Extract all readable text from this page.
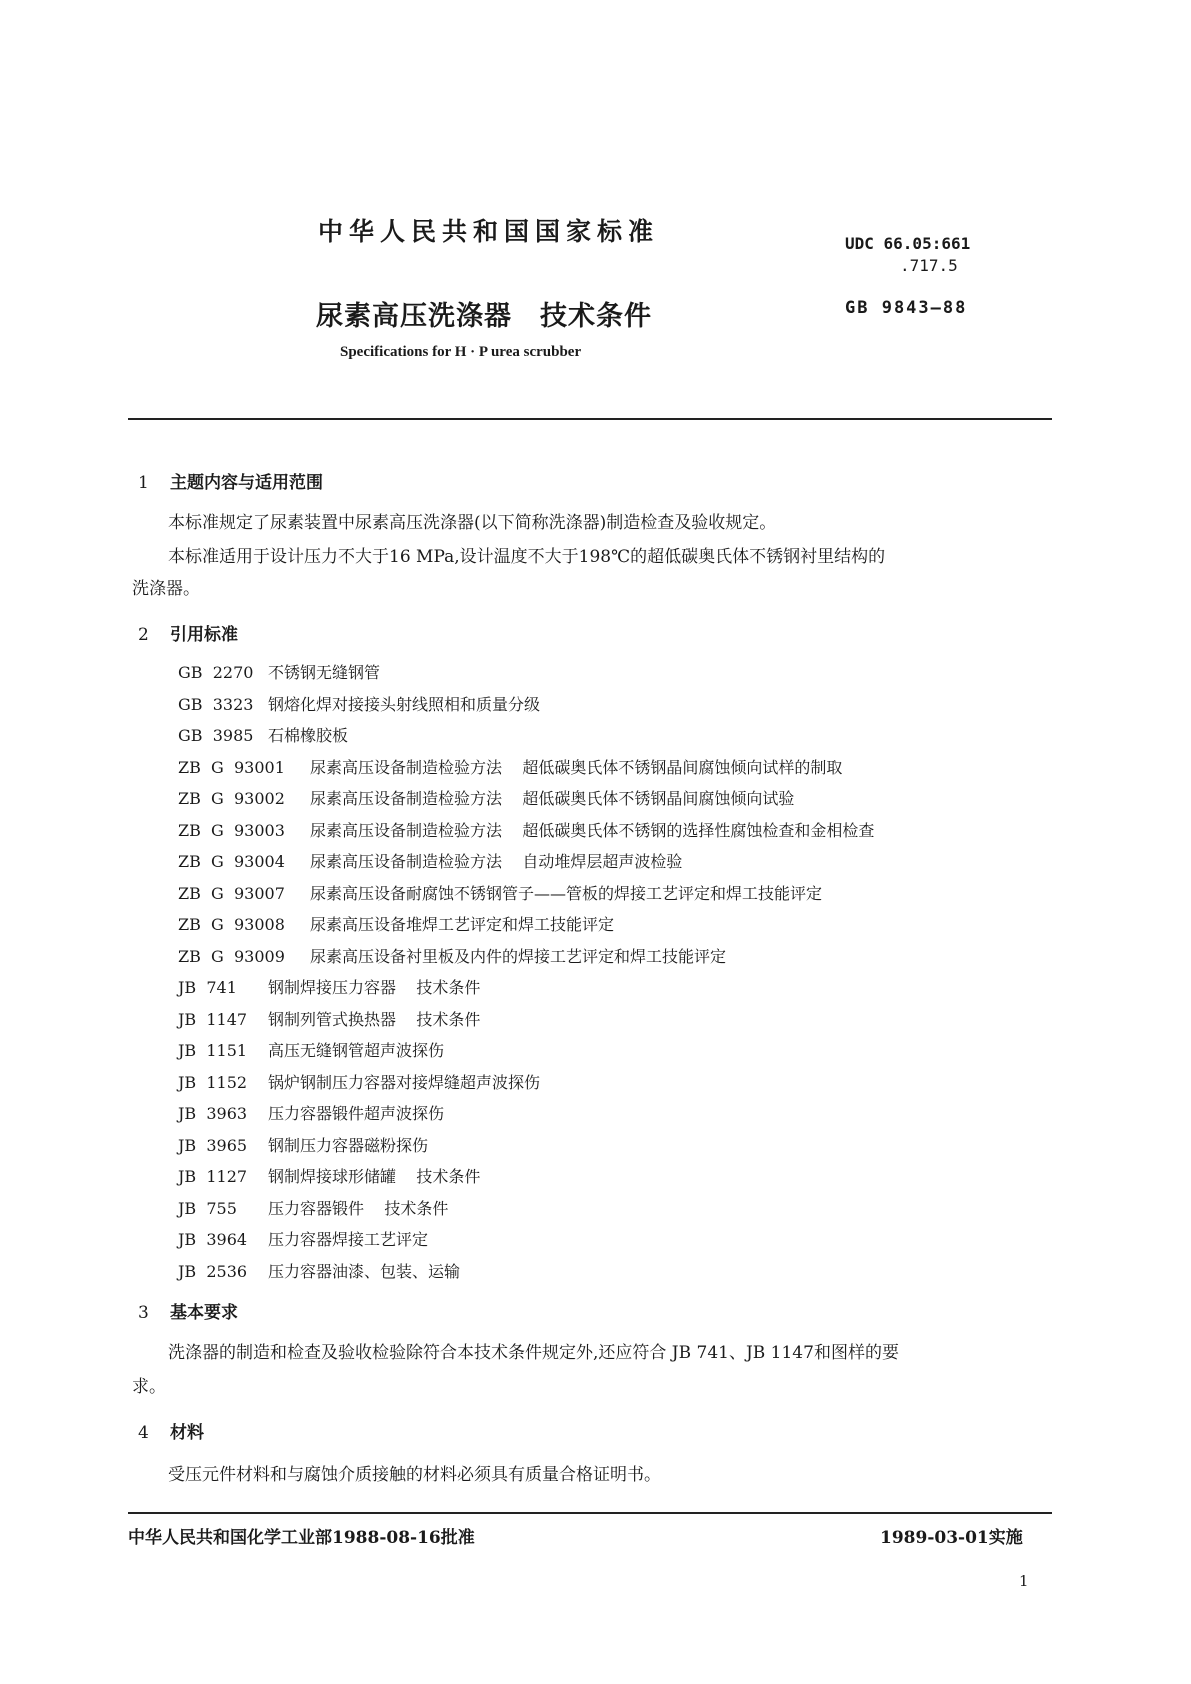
中华人民共和国国家标准	UDC 66.05:661
.717.5
尿素高压洗涤器 技术条件	GB 9843—88
Specifications for H · P urea scrubber
1 主题内容与适用范围
本标准规定了尿素装置中尿素高压洗涤器(以下简称洗涤器)制造检查及验收规定。
本标准适用于设计压力不大于16 MPa,设计温度不大于198℃的超低碳奥氏体不锈钢衬里结构的
洗涤器。
2 引用标准
GB  2270 不锈钢无缝钢管
GB  3323 钢熔化焊对接接头射线照相和质量分级
GB  3985 石棉橡胶板
ZB  G  93001 尿素高压设备制造检验方法    超低碳奥氏体不锈钢晶间腐蚀倾向试样的制取
ZB  G  93002 尿素高压设备制造检验方法    超低碳奥氏体不锈钢晶间腐蚀倾向试验
ZB  G  93003 尿素高压设备制造检验方法    超低碳奥氏体不锈钢的选择性腐蚀检查和金相检查
ZB  G  93004 尿素高压设备制造检验方法    自动堆焊层超声波检验
ZB  G  93007 尿素高压设备耐腐蚀不锈钢管子——管板的焊接工艺评定和焊工技能评定
ZB  G  93008 尿素高压设备堆焊工艺评定和焊工技能评定
ZB  G  93009 尿素高压设备衬里板及内件的焊接工艺评定和焊工技能评定
JB  741 钢制焊接压力容器    技术条件
JB  1147 钢制列管式换热器    技术条件
JB  1151 高压无缝钢管超声波探伤
JB  1152 锅炉钢制压力容器对接焊缝超声波探伤
JB  3963 压力容器锻件超声波探伤
JB  3965 钢制压力容器磁粉探伤
JB  1127 钢制焊接球形储罐    技术条件
JB  755 压力容器锻件    技术条件
JB  3964 压力容器焊接工艺评定
JB  2536 压力容器油漆、包装、运输
3 基本要求
洗涤器的制造和检查及验收检验除符合本技术条件规定外,还应符合 JB 741、JB 1147和图样的要
求。
4 材料
受压元件材料和与腐蚀介质接触的材料必须具有质量合格证明书。
中华人民共和国化学工业部1988-08-16批准	1989-03-01实施
1
